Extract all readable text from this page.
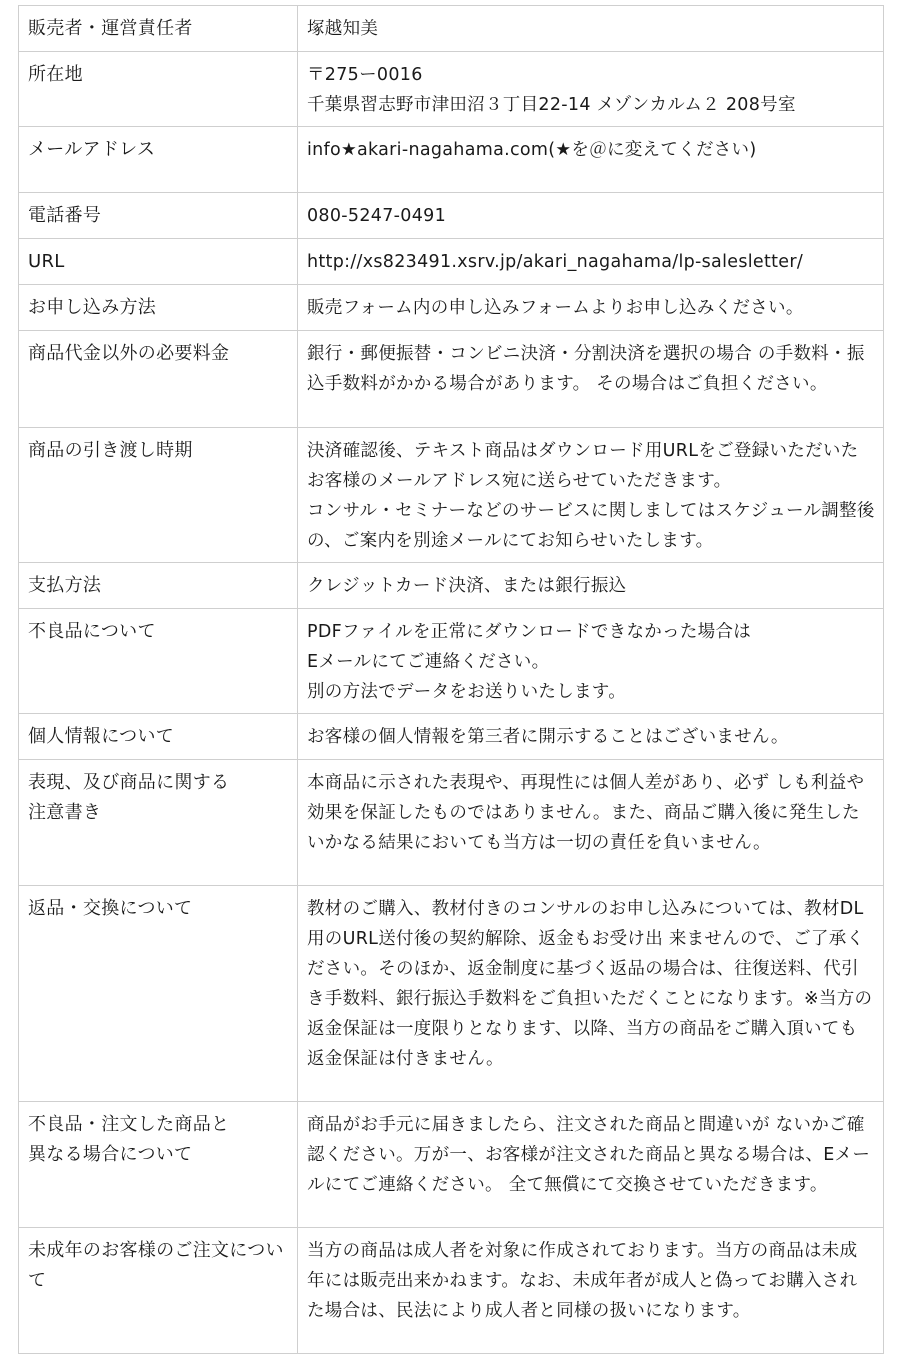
販売者・運営責任者	塚越知美
所在地	〒275ー0016
千葉県習志野市津田沼３丁目22-14 メゾンカルム２ 208号室
メールアドレス	info★akari-nagahama.com(★を＠に変えてください)
電話番号	080-5247-0491
URL	http://xs823491.xsrv.jp/akari_nagahama/lp-salesletter/
お申し込み方法	販売フォーム内の申し込みフォームよりお申し込みください。
商品代金以外の必要料金	銀行・郵便振替・コンビニ決済・分割決済を選択の場合 の手数料・振込手数料がかかる場合があります。 その場合はご負担ください。
商品の引き渡し時期	決済確認後、テキスト商品はダウンロード用URLをご登録いただいたお客様のメールアドレス宛に送らせていただきます。
コンサル・セミナーなどのサービスに関しましてはスケジュール調整後の、ご案内を別途メールにてお知らせいたします。
支払方法	クレジットカード決済、または銀行振込
不良品について	PDFファイルを正常にダウンロードできなかった場合は
Eメールにてご連絡ください。
別の方法でデータをお送りいたします。
個人情報について	お客様の個人情報を第三者に開示することはございません。
表現、及び商品に関する
注意書き	本商品に示された表現や、再現性には個人差があり、必ず しも利益や効果を保証したものではありません。また、商品ご購入後に発生したいかなる結果においても当方は一切の責任を負いません。
返品・交換について	教材のご購入、教材付きのコンサルのお申し込みについては、教材DL用のURL送付後の契約解除、返金もお受け出 来ませんので、ご了承ください。そのほか、返金制度に基づく返品の場合は、往復送料、代引き手数料、銀行振込手数料をご負担いただくことになります。※当方の返金保証は一度限りとなります、以降、当方の商品をご購入頂いても返金保証は付きません。
不良品・注文した商品と
異なる場合について	商品がお手元に届きましたら、注文された商品と間違いが ないかご確認ください。万が一、お客様が注文された商品と異なる場合は、Eメールにてご連絡ください。 全て無償にて交換させていただきます。
未成年のお客様のご注文について	当方の商品は成人者を対象に作成されております。当方の商品は未成年には販売出来かねます。なお、未成年者が成人と偽ってお購入された場合は、民法により成人者と同様の扱いになります。
